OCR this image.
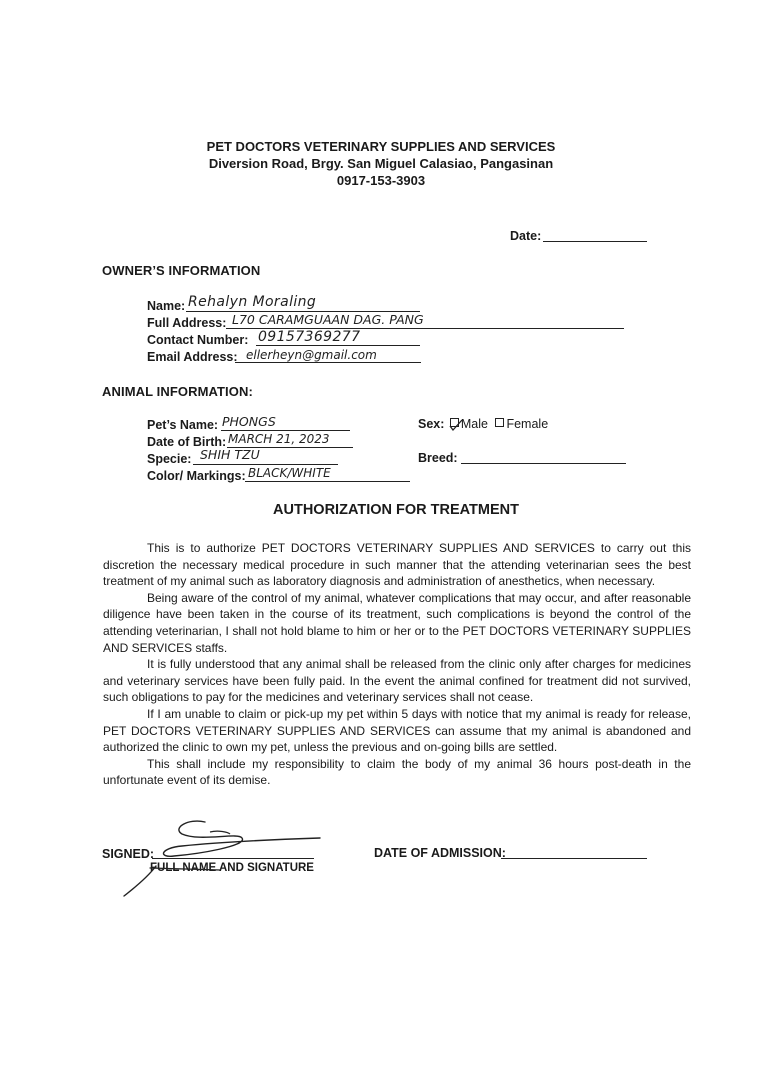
PET DOCTORS VETERINARY SUPPLIES AND SERVICES
Diversion Road, Brgy. San Miguel Calasiao, Pangasinan
0917-153-3903
Date:
OWNER’S INFORMATION
Name: Rehalyn Moraling
Full Address: L70 CARAMGUAAN DAG. PANG
Contact Number: 09157369277
Email Address: ellerheyn@gmail.com
ANIMAL INFORMATION:
Pet’s Name: PHONGS
Date of Birth: MARCH 21, 2023
Specie: SHIH TZU
Color/ Markings: BLACK/WHITE
Sex: Male Female
Breed:
AUTHORIZATION FOR TREATMENT

This is to authorize PET DOCTORS VETERINARY SUPPLIES AND SERVICES to carry out this discretion the necessary medical procedure in such manner that the attending veterinarian sees the best treatment of my animal such as laboratory diagnosis and administration of anesthetics, when necessary.

Being aware of the control of my animal, whatever complications that may occur, and after reasonable diligence have been taken in the course of its treatment, such complications is beyond the control of the attending veterinarian, I shall not hold blame to him or her or to the PET DOCTORS VETERINARY SUPPLIES AND SERVICES staffs.

It is fully understood that any animal shall be released from the clinic only after charges for medicines and veterinary services have been fully paid. In the event the animal confined for treatment did not survived, such obligations to pay for the medicines and veterinary services shall not cease.

If I am unable to claim or pick-up my pet within 5 days with notice that my animal is ready for release, PET DOCTORS VETERINARY SUPPLIES AND SERVICES can assume that my animal is abandoned and authorized the clinic to own my pet, unless the previous and on-going bills are settled.

This shall include my responsibility to claim the body of my animal 36 hours post-death in the unfortunate event of its demise.

SIGNED:
FULL NAME AND SIGNATURE
DATE OF ADMISSION:
